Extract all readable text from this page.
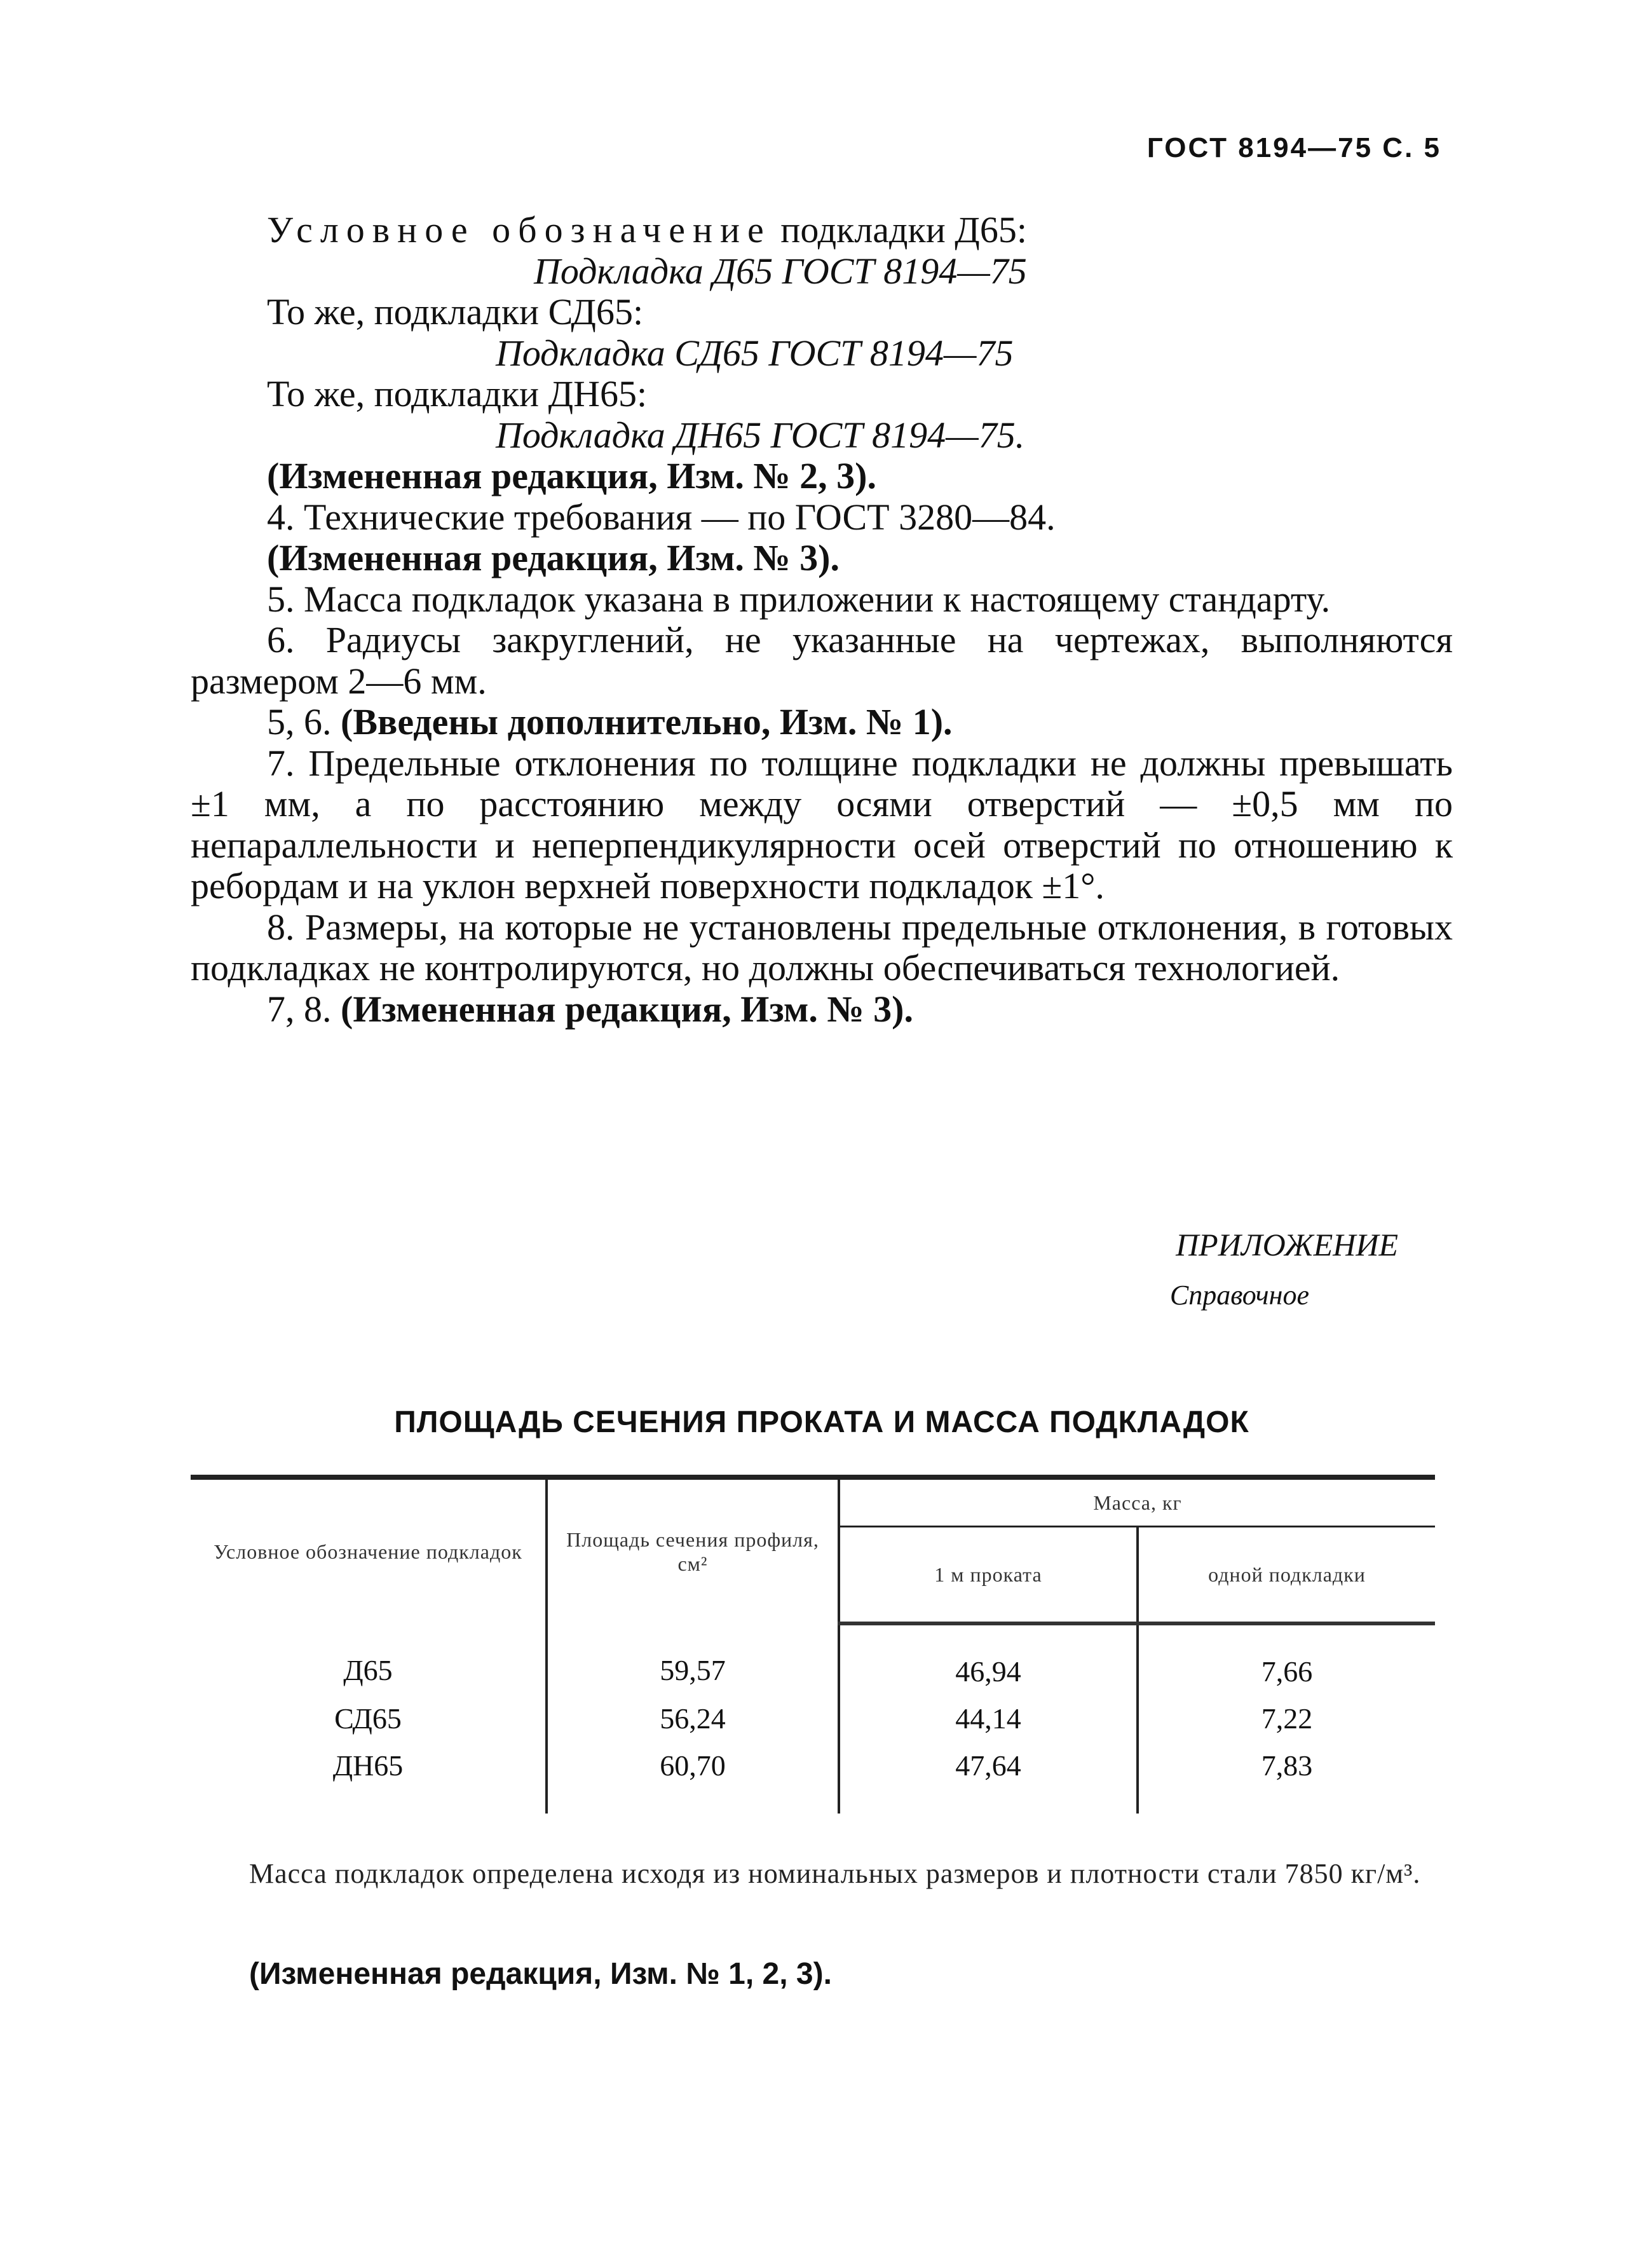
ГОСТ 8194—75 С. 5

Условное обозначение подкладки Д65:

Подкладка Д65 ГОСТ 8194—75

То же, подкладки СД65:

Подкладка СД65 ГОСТ 8194—75

То же, подкладки ДН65:

Подкладка ДН65 ГОСТ 8194—75.

(Измененная редакция, Изм. № 2, 3).

4. Технические требования — по ГОСТ 3280—84.

(Измененная редакция, Изм. № 3).

5. Масса подкладок указана в приложении к настоящему стандарту.

6. Радиусы закруглений, не указанные на чертежах, выполняются размером 2—6 мм.

5, 6. (Введены дополнительно, Изм. № 1).

7. Предельные отклонения по толщине подкладки не должны превышать ±1 мм, а по расстоянию между осями отверстий — ±0,5 мм по непараллельности и неперпендикулярности осей отверстий по отношению к ребордам и на уклон верхней поверхности подкладок ±1°.

8. Размеры, на которые не установлены предельные отклонения, в готовых подкладках не контролируются, но должны обеспечиваться технологией.

7, 8. (Измененная редакция, Изм. № 3).

ПРИЛОЖЕНИЕ
Справочное
ПЛОЩАДЬ СЕЧЕНИЯ ПРОКАТА И МАССА ПОДКЛАДОК

Условное обозначение подкладок	Площадь сечения профиля, см²	Масса, кг	
		1 м проката	одной подкладки
Д65	59,57	46,94	7,66
СД65	56,24	44,14	7,22
ДН65	60,70	47,64	7,83
Масса подкладок определена исходя из номинальных размеров и плотности стали 7850 кг/м³.
(Измененная редакция, Изм. № 1, 2, 3).
